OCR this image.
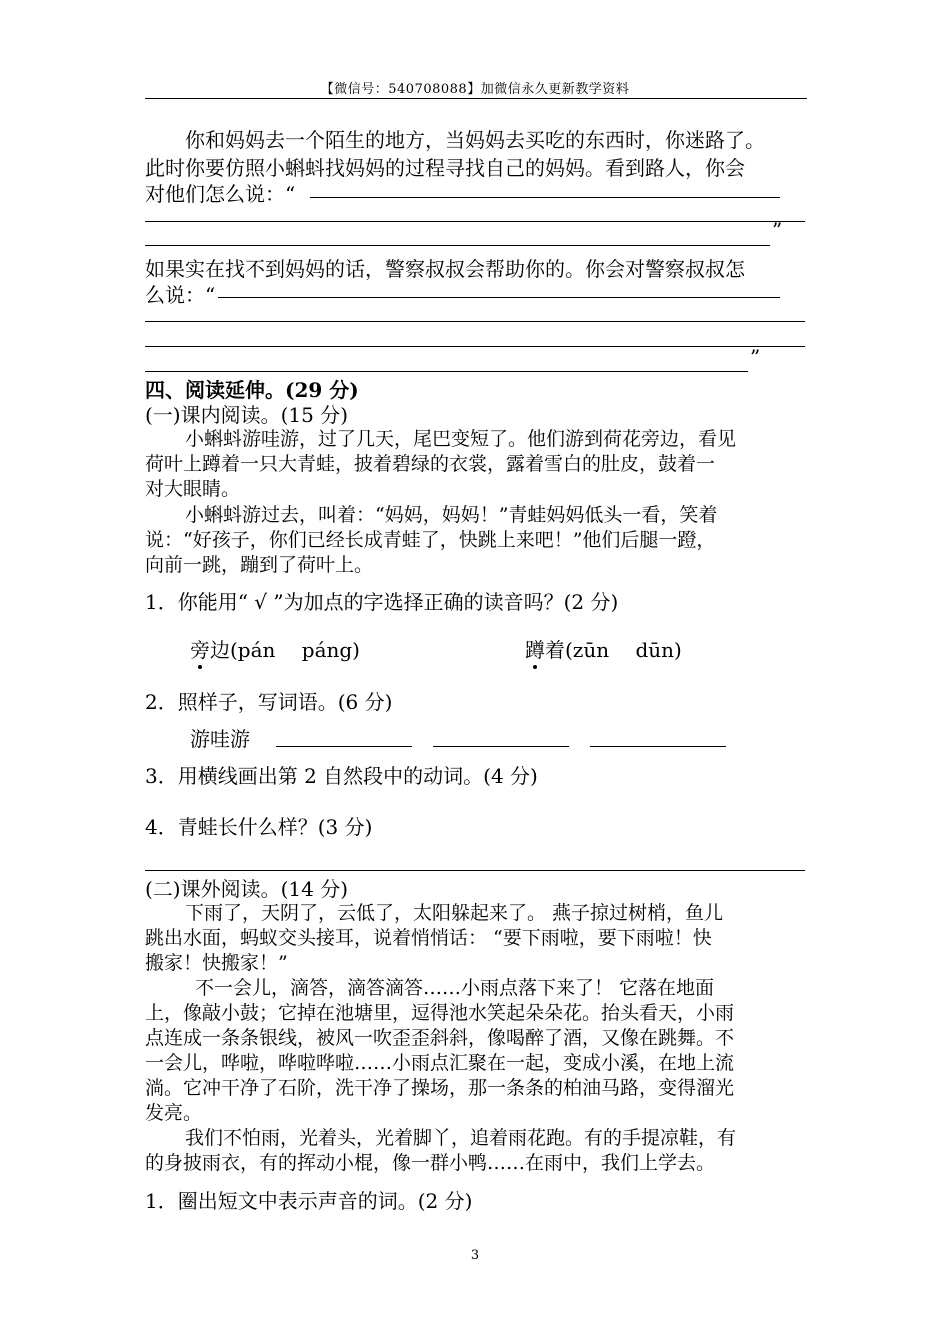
【微信号：540708088】加微信永久更新教学资料
你和妈妈去一个陌生的地方，当妈妈去买吃的东西时，你迷路了。
此时你要仿照小蝌蚪找妈妈的过程寻找自己的妈妈。看到路人，你会
对他们怎么说：“
”
如果实在找不到妈妈的话，警察叔叔会帮助你的。你会对警察叔叔怎
么说：“
”
四、阅读延伸。(29 分)
(一)课内阅读。(15 分)
小蝌蚪游哇游，过了几天，尾巴变短了。他们游到荷花旁边，看见
荷叶上蹲着一只大青蛙，披着碧绿的衣裳，露着雪白的肚皮，鼓着一
对大眼睛。
小蝌蚪游过去，叫着：“妈妈，妈妈！”青蛙妈妈低头一看，笑着
说：“好孩子，你们已经长成青蛙了，快跳上来吧！”他们后腿一蹬，
向前一跳，蹦到了荷叶上。
1．你能用“ √ ”为加点的字选择正确的读音吗？(2 分)
旁边(pán　 páng)	蹲着(zūn　 dūn)
2．照样子，写词语。(6 分)
游哇游
3．用横线画出第 2 自然段中的动词。(4 分)
4．青蛙长什么样？(3 分)
(二)课外阅读。(14 分)
下雨了，天阴了，云低了，太阳躲起来了。 燕子掠过树梢，鱼儿
跳出水面，蚂蚁交头接耳，说着悄悄话： “要下雨啦，要下雨啦！快
搬家！快搬家！”
不一会儿，滴答，滴答滴答……小雨点落下来了！ 它落在地面
上，像敲小鼓；它掉在池塘里，逗得池水笑起朵朵花。抬头看天，小雨
点连成一条条银线，被风一吹歪歪斜斜，像喝醉了酒，又像在跳舞。不
一会儿，哗啦，哗啦哗啦……小雨点汇聚在一起，变成小溪，在地上流
淌。它冲干净了石阶，洗干净了操场，那一条条的柏油马路，变得溜光
发亮。
我们不怕雨，光着头，光着脚丫，追着雨花跑。有的手提凉鞋，有
的身披雨衣，有的挥动小棍，像一群小鸭……在雨中，我们上学去。
1．圈出短文中表示声音的词。(2 分)
3
